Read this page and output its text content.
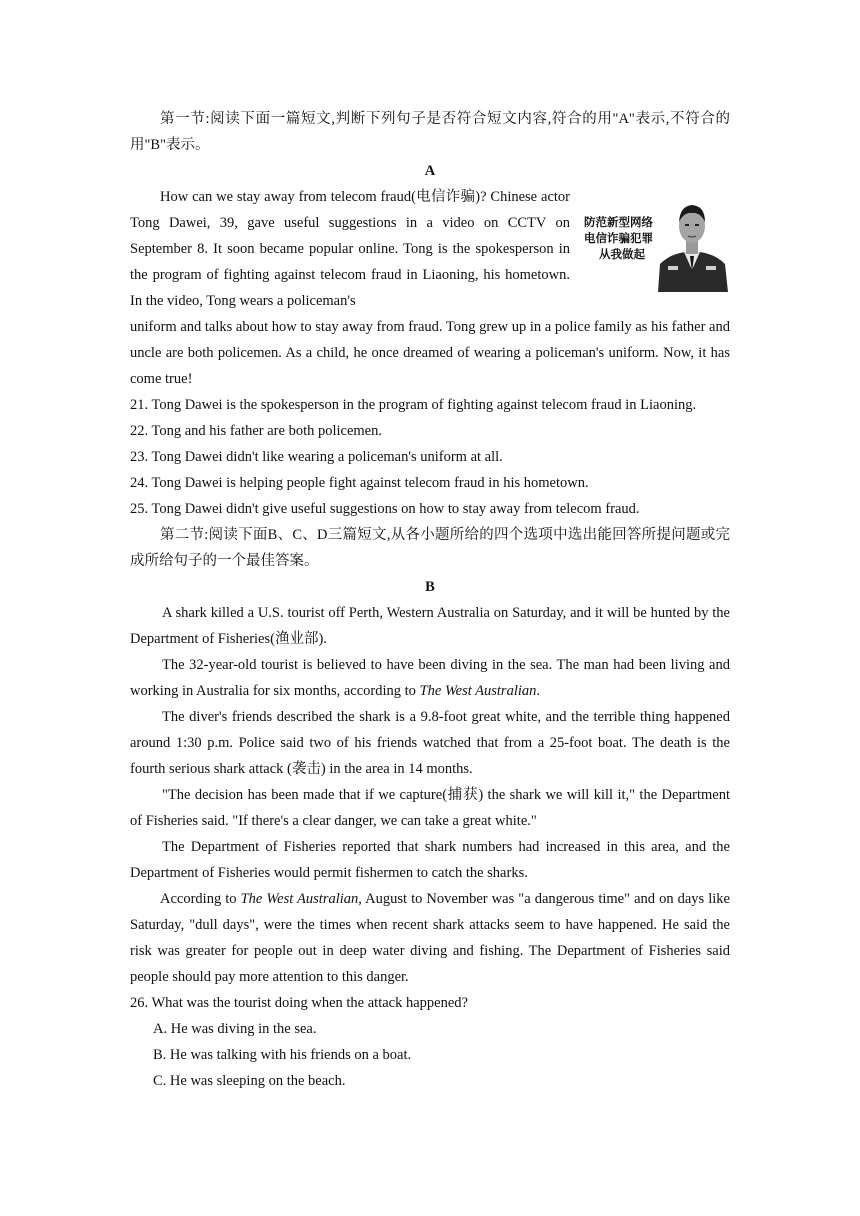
第一节:阅读下面一篇短文,判断下列句子是否符合短文内容,符合的用"A"表示,不符合的用"B"表示。

A

防范新型网络
电信诈骗犯罪
从我做起

How can we stay away from telecom fraud(电信诈骗)? Chinese actor Tong Dawei, 39, gave useful suggestions in a video on CCTV on September 8. It soon became popular online. Tong is the spokesperson in the program of fighting against telecom fraud in Liaoning, his hometown. In the video, Tong wears a policeman's

uniform and talks about how to stay away from fraud. Tong grew up in a police family as his father and uncle are both policemen. As a child, he once dreamed of wearing a policeman's uniform. Now, it has come true!

21. Tong Dawei is the spokesperson in the program of fighting against telecom fraud in Liaoning.

22. Tong and his father are both policemen.

23. Tong Dawei didn't like wearing a policeman's uniform at all.

24. Tong Dawei is helping people fight against telecom fraud in his hometown.

25. Tong Dawei didn't give useful suggestions on how to stay away from telecom fraud.

第二节:阅读下面B、C、D三篇短文,从各小题所给的四个选项中选出能回答所提问题或完成所给句子的一个最佳答案。

B

A shark killed a U.S. tourist off Perth, Western Australia on Saturday, and it will be hunted by the Department of Fisheries(渔业部).

The 32-year-old tourist is believed to have been diving in the sea. The man had been living and working in Australia for six months, according to The West Australian.

The diver's friends described the shark is a 9.8-foot great white, and the terrible thing happened around 1:30 p.m. Police said two of his friends watched that from a 25-foot boat. The death is the fourth serious shark attack (袭击) in the area in 14 months.

"The decision has been made that if we capture(捕获) the shark we will kill it," the Department of Fisheries said. "If there's a clear danger, we can take a great white."

The Department of Fisheries reported that shark numbers had increased in this area, and the Department of Fisheries would permit fishermen to catch the sharks.

According to The West Australian, August to November was "a dangerous time" and on days like Saturday, "dull days", were the times when recent shark attacks seem to have happened. He said the risk was greater for people out in deep water diving and fishing. The Department of Fisheries said people should pay more attention to this danger.

26. What was the tourist doing when the attack happened?

A. He was diving in the sea.

B. He was talking with his friends on a boat.

C. He was sleeping on the beach.
